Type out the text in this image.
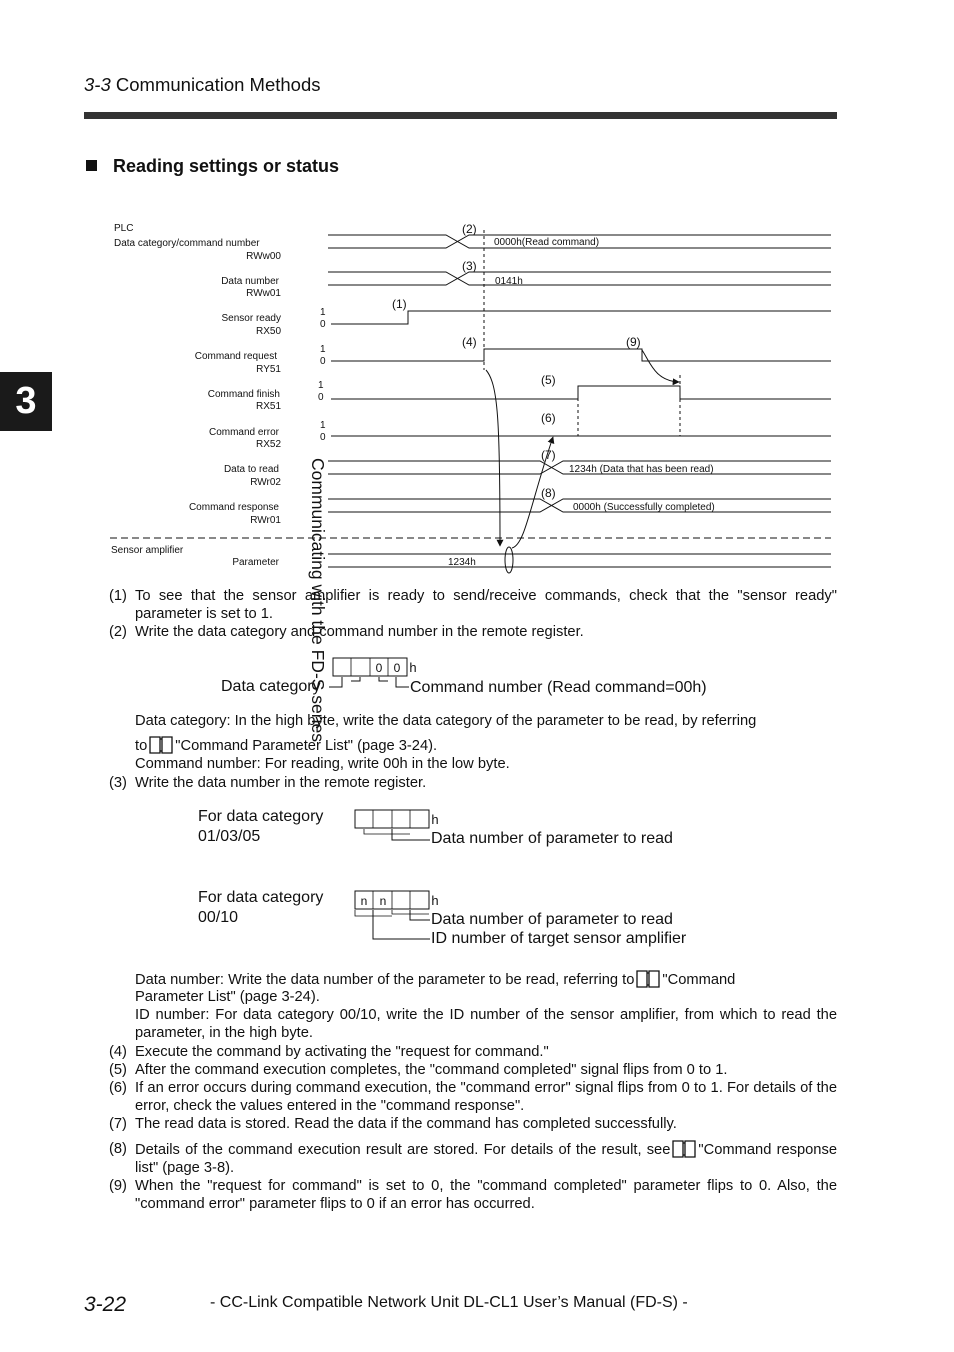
3-3 Communication Methods
Reading settings or status
3
Communicating with the FD-S series
PLC
Data category/command number
RWw00
Data number
RWw01
Sensor ready
RX50
Command request
RY51
Command finish
RX51
Command error
RX52
Data to read
RWr02
Command response
RWr01
Sensor amplifier
Parameter
1
0
1
0
1
0
1
0
0000h(Read command)
0141h
1234h (Data that has been read)
0000h (Successfully completed)
1234h
(1)
(2)
(3)
(4)
(5)
(6)
(7)
(8)
(9)
(1) To see that the sensor amplifier is ready to send/receive commands, check that the "sensor ready" parameter is set to 1.
(2) Write the data category and command number in the remote register.
0 0 h
Data category	Command number (Read command=00h)
Data category: In the high byte, write the data category of the parameter to be read, by referring
to "Command Parameter List" (page 3-24).
Command number: For reading, write 00h in the low byte.
(3) Write the data number in the remote register.
For data category
01/03/05
h
Data number of parameter to read
For data category
00/10
n n	h
Data number of parameter to read
ID number of target sensor amplifier
Data number: Write the data number of the parameter to be read, referring to "Command
Parameter List" (page 3-24).
ID number: For data category 00/10, write the ID number of the sensor amplifier, from which to read the parameter, in the high byte.
(4) Execute the command by activating the "request for command."
(5) After the command execution completes, the "command completed" signal flips from 0 to 1.
(6) If an error occurs during command execution, the "command error" signal flips from 0 to 1. For details of the error, check the values entered in the "command response".
(7) The read data is stored. Read the data if the command has completed successfully.
(8) Details of the command execution result are stored. For details of the result, see "Command response list" (page 3-8).
(9) When the "request for command" is set to 0, the "command completed" parameter flips to 0. Also, the "command error" parameter flips to 0 if an error has occurred.
3-22	- CC-Link Compatible Network Unit DL-CL1 User’s Manual (FD-S) -
